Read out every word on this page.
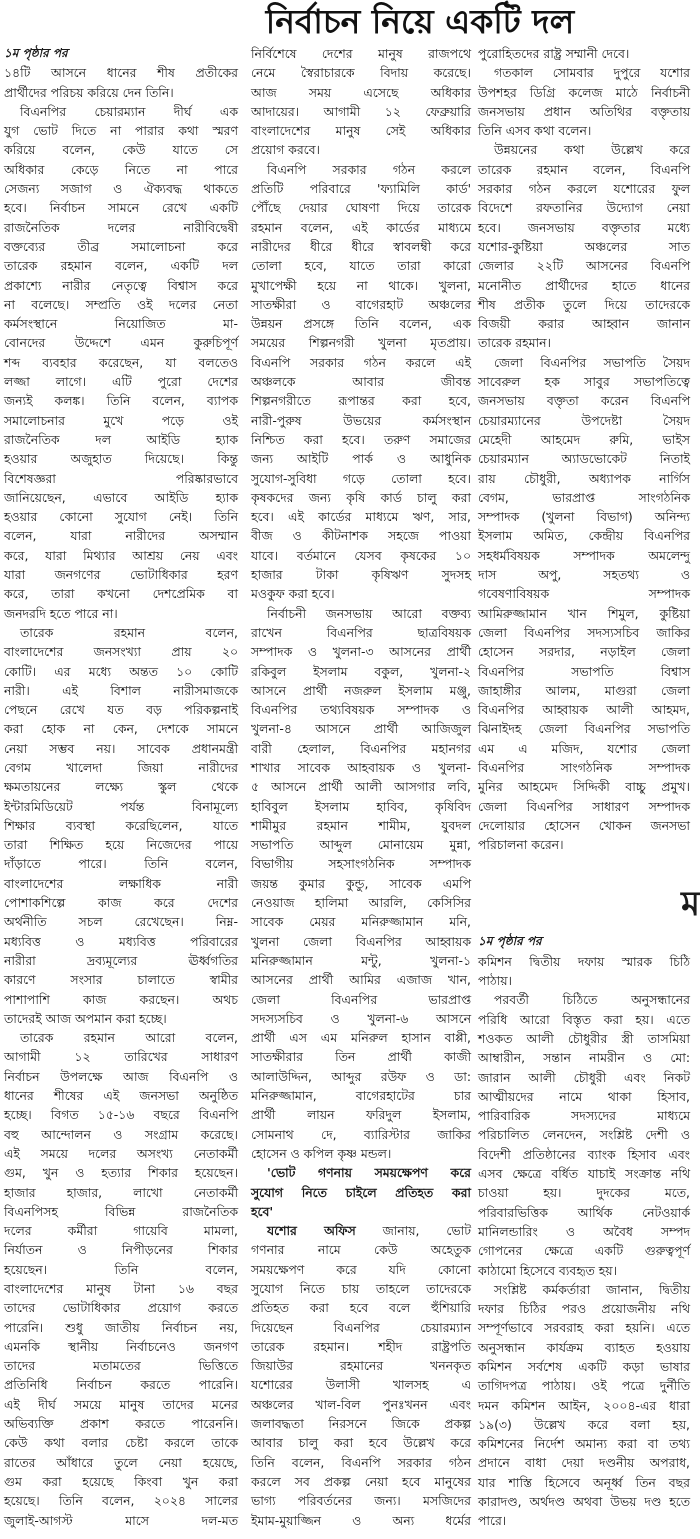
নির্বাচন নিয়ে একটি দল
১ম পৃষ্ঠার পর
১৪টি আসনে ধানের শীষ প্রতীকের
প্রার্থীদের পরিচয় করিয়ে দেন তিনি।
বিএনপির চেয়ারম্যান দীর্ঘ এক
যুগ ভোট দিতে না পারার কথা স্মরণ
করিয়ে বলেন, কেউ যাতে সে
অধিকার কেড়ে নিতে না পারে
সেজন্য সজাগ ও ঐক্যবদ্ধ থাকতে
হবে। নির্বাচন সামনে রেখে একটি
রাজনৈতিক দলের নারীবিদ্বেষী
বক্তব্যের তীব্র সমালোচনা করে
তারেক রহমান বলেন, একটি দল
প্রকাশ্যে নারীর নেতৃত্বে বিশ্বাস করে
না বলেছে। সম্প্রতি ওই দলের নেতা
কর্মসংস্থানে নিয়োজিত মা-
বোনদের উদ্দেশে এমন কুরুচিপূর্ণ
শব্দ ব্যবহার করেছেন, যা বলতেও
লজ্জা লাগে। এটি পুরো দেশের
জন্যই কলঙ্ক। তিনি বলেন, ব্যাপক
সমালোচনার মুখে পড়ে ওই
রাজনৈতিক দল আইডি হ্যাক
হওয়ার অজুহাত দিয়েছে। কিন্তু
বিশেষজ্ঞরা পরিষ্কারভাবে
জানিয়েছেন, এভাবে আইডি হ্যাক
হওয়ার কোনো সুযোগ নেই। তিনি
বলেন, যারা নারীদের অসম্মান
করে, যারা মিথ্যার আশ্রয় নেয় এবং
যারা জনগণের ভোটাধিকার হরণ
করে, তারা কখনো দেশপ্রেমিক বা
জনদরদি হতে পারে না।
তারেক রহমান বলেন,
বাংলাদেশের জনসংখ্যা প্রায় ২০
কোটি। এর মধ্যে অন্তত ১০ কোটি
নারী। এই বিশাল নারীসমাজকে
পেছনে রেখে যত বড় পরিকল্পনাই
করা হোক না কেন, দেশকে সামনে
নেয়া সম্ভব নয়। সাবেক প্রধানমন্ত্রী
বেগম খালেদা জিয়া নারীদের
ক্ষমতায়নের লক্ষ্যে স্কুল থেকে
ইন্টারমিডিয়েট পর্যন্ত বিনামূল্যে
শিক্ষার ব্যবস্থা করেছিলেন, যাতে
তারা শিক্ষিত হয়ে নিজেদের পায়ে
দাঁড়াতে পারে। তিনি বলেন,
বাংলাদেশের লক্ষাধিক নারী
পোশাকশিল্পে কাজ করে দেশের
অর্থনীতি সচল রেখেছেন। নিম্ন-
মধ্যবিত্ত ও মধ্যবিত্ত পরিবারের
নারীরা দ্রব্যমূল্যের ঊর্ধ্বগতির
কারণে সংসার চালাতে স্বামীর
পাশাপাশি কাজ করছেন। অথচ
তাদেরই আজ অপমান করা হচ্ছে।
তারেক রহমান আরো বলেন,
আগামী ১২ তারিখের সাধারণ
নির্বাচন উপলক্ষে আজ বিএনপি ও
ধানের শীষের এই জনসভা অনুষ্ঠিত
হচ্ছে। বিগত ১৫-১৬ বছরে বিএনপি
বহু আন্দোলন ও সংগ্রাম করেছে।
এই সময়ে দলের অসংখ্য নেতাকর্মী
গুম, খুন ও হত্যার শিকার হয়েছেন।
হাজার হাজার, লাখো নেতাকর্মী
বিএনপিসহ বিভিন্ন রাজনৈতিক
দলের কর্মীরা গায়েবি মামলা,
নির্যাতন ও নিপীড়নের শিকার
হয়েছেন। তিনি বলেন,
বাংলাদেশের মানুষ টানা ১৬ বছর
তাদের ভোটাধিকার প্রয়োগ করতে
পারেনি। শুধু জাতীয় নির্বাচন নয়,
এমনকি স্থানীয় নির্বাচনেও জনগণ
তাদের মতামতের ভিত্তিতে
প্রতিনিধি নির্বাচন করতে পারেনি।
এই দীর্ঘ সময়ে মানুষ তাদের মনের
অভিব্যক্তি প্রকাশ করতে পারেননি।
কেউ কথা বলার চেষ্টা করলে তাকে
রাতের আঁধারে তুলে নেয়া হয়েছে,
গুম করা হয়েছে কিংবা খুন করা
হয়েছে। তিনি বলেন, ২০২৪ সালের
জুলাই-আগস্ট মাসে দল-মত
নির্বিশেষে দেশের মানুষ রাজপথে
নেমে স্বৈরাচারকে বিদায় করেছে।
আজ সময় এসেছে অধিকার
আদায়ের। আগামী ১২ ফেব্রুয়ারি
বাংলাদেশের মানুষ সেই অধিকার
প্রয়োগ করবে।
বিএনপি সরকার গঠন করলে
প্রতিটি পরিবারে 'ফ্যামিলি কার্ড'
পৌঁছে দেয়ার ঘোষণা দিয়ে তারেক
রহমান বলেন, এই কার্ডের মাধ্যমে
নারীদের ধীরে ধীরে স্বাবলম্বী করে
তোলা হবে, যাতে তারা কারো
মুখাপেক্ষী হয়ে না থাকে। খুলনা,
সাতক্ষীরা ও বাগেরহাট অঞ্চলের
উন্নয়ন প্রসঙ্গে তিনি বলেন, এক
সময়ের শিল্পনগরী খুলনা মৃতপ্রায়।
বিএনপি সরকার গঠন করলে এই
অঞ্চলকে আবার জীবন্ত
শিল্পনগরীতে রূপান্তর করা হবে,
নারী-পুরুষ উভয়ের কর্মসংস্থান
নিশ্চিত করা হবে। তরুণ সমাজের
জন্য আইটি পার্ক ও আধুনিক
সুযোগ-সুবিধা গড়ে তোলা হবে।
কৃষকদের জন্য কৃষি কার্ড চালু করা
হবে। এই কার্ডের মাধ্যমে ঋণ, সার,
বীজ ও কীটনাশক সহজে পাওয়া
যাবে। বর্তমানে যেসব কৃষকের ১০
হাজার টাকা কৃষিঋণ সুদসহ
মওকুফ করা হবে।
নির্বাচনী জনসভায় আরো বক্তব্য
রাখেন বিএনপির ছাত্রবিষয়ক
সম্পাদক ও খুলনা-৩ আসনের প্রার্থী
রকিবুল ইসলাম বকুল, খুলনা-২
আসনে প্রার্থী নজরুল ইসলাম মঞ্জু,
বিএনপির তথ্যবিষয়ক সম্পাদক ও
খুলনা-৪ আসনে প্রার্থী আজিজুল
বারী হেলাল, বিএনপির মহানগর
শাখার সাবেক আহবায়ক ও খুলনা-
৫ আসনে প্রার্থী আলী আসগার লবি,
হাবিবুল ইসলাম হাবিব, কৃষিবিদ
শামীমুর রহমান শামীম, যুবদল
সভাপতি আব্দুল মোনায়েম মুন্না,
বিভাগীয় সহসাংগঠনিক সম্পাদক
জয়ন্ত কুমার কুন্ডু, সাবেক এমপি
নেওয়াজ হালিমা আরলি, কেসিসির
সাবেক মেয়র মনিরুজ্জামান মনি,
খুলনা জেলা বিএনপির আহ্বায়ক
মনিরুজ্জামান মন্টু, খুলনা-১
আসনের প্রার্থী আমির এজাজ খান,
জেলা বিএনপির ভারপ্রাপ্ত
সদস্যসচিব ও খুলনা-৬ আসনে
প্রার্থী এস এম মনিরুল হাসান বাপ্পী,
সাতক্ষীরার তিন প্রার্থী কাজী
আলাউদ্দিন, আব্দুর রউফ ও ডা:
মনিরুজ্জামান, বাগেরহাটের চার
প্রার্থী লায়ন ফরিদুল ইসলাম,
সোমনাথ দে, ব্যারিস্টার জাকির
হোসেন ও কপিল কৃষ্ণ মন্ডল।
'ভোট গণনায় সময়ক্ষেপণ করে
সুযোগ নিতে চাইলে প্রতিহত করা
হবে'
যশোর অফিস জানায়, ভোট
গণনার নামে কেউ অহেতুক
সময়ক্ষেপণ করে যদি কোনো
সুযোগ নিতে চায় তাহলে তাদেরকে
প্রতিহত করা হবে বলে হুঁশিয়ারি
দিয়েছেন বিএনপির চেয়ারম্যান
তারেক রহমান। শহীদ রাষ্ট্রপতি
জিয়াউর রহমানের খননকৃত
যশোরের উলাসী খালসহ এ
অঞ্চলের খাল-বিল পুনঃখনন এবং
জলাবদ্ধতা নিরসনে জিকে প্রকল্প
আবার চালু করা হবে উল্লেখ করে
তিনি বলেন, বিএনপি সরকার গঠন
করলে সব প্রকল্প নেয়া হবে মানুষের
ভাগ্য পরিবর্তনের জন্য। মসজিদের
ইমাম-মুয়াজ্জিন ও অন্য ধর্মের
পুরোহিতদের রাষ্ট্র সম্মানী দেবে।
গতকাল সোমবার দুপুরে যশোর
উপশহর ডিগ্রি কলেজ মাঠে নির্বাচনী
জনসভায় প্রধান অতিথির বক্তৃতায়
তিনি এসব কথা বলেন।
উন্নয়নের কথা উল্লেখ করে
তারেক রহমান বলেন, বিএনপি
সরকার গঠন করলে যশোরের ফুল
বিদেশে রফতানির উদ্যোগ নেয়া
হবে। জনসভায় বক্তৃতার মধ্যে
যশোর-কুষ্টিয়া অঞ্চলের সাত
জেলার ২২টি আসনের বিএনপি
মনোনীত প্রার্থীদের হাতে ধানের
শীষ প্রতীক তুলে দিয়ে তাদেরকে
বিজয়ী করার আহ্বান জানান
তারেক রহমান।
জেলা বিএনপির সভাপতি সৈয়দ
সাবেরুল হক সাবুর সভাপতিত্বে
জনসভায় বক্তৃতা করেন বিএনপি
চেয়ারম্যানের উপদেষ্টা সৈয়দ
মেহেদী আহমেদ রুমি, ভাইস
চেয়ারম্যান অ্যাডভোকেট নিতাই
রায় চৌধুরী, অধ্যাপক নার্গিস
বেগম, ভারপ্রাপ্ত সাংগঠনিক
সম্পাদক (খুলনা বিভাগ) অনিন্দ্য
ইসলাম অমিত, কেন্দ্রীয় বিএনপির
সহধর্মবিষয়ক সম্পাদক অমলেন্দু
দাস অপু, সহতথ্য ও
গবেষণাবিষয়ক সম্পাদক
আমিরুজ্জামান খান শিমুল, কুষ্টিয়া
জেলা বিএনপির সদস্যসচিব জাকির
হোসেন সরদার, নড়াইল জেলা
বিএনপির সভাপতি বিশ্বাস
জাহাঙ্গীর আলম, মাগুরা জেলা
বিএনপির আহ্বায়ক আলী আহমদ,
ঝিনাইদহ জেলা বিএনপির সভাপতি
এম এ মজিদ, যশোর জেলা
বিএনপির সাংগঠনিক সম্পাদক
মুনির আহমেদ সিদ্দিকী বাচ্চু প্রমুখ।
জেলা বিএনপির সাধারণ সম্পাদক
দেলোয়ার হোসেন খোকন জনসভা
পরিচালনা করেন।
ম
১ম পৃষ্ঠার পর
কমিশন দ্বিতীয় দফায় স্মারক চিঠি
পাঠায়।
পরবর্তী চিঠিতে অনুসন্ধানের
পরিধি আরো বিস্তৃত করা হয়। এতে
শওকত আলী চৌধুরীর স্ত্রী তাসমিয়া
আম্বারীন, সন্তান নামরীন ও মো:
জারান আলী চৌধুরী এবং নিকট
আত্মীয়দের নামে থাকা হিসাব,
পারিবারিক সদস্যদের মাধ্যমে
পরিচালিত লেনদেন, সংশ্লিষ্ট দেশী ও
বিদেশী প্রতিষ্ঠানের ব্যাংক হিসাব এবং
এসব ক্ষেত্রে বর্ধিত যাচাই সংক্রান্ত নথি
চাওয়া হয়। দুদকের মতে,
পরিবারভিত্তিক আর্থিক নেটওয়ার্ক
মানিলন্ডারিং ও অবৈধ সম্পদ
গোপনের ক্ষেত্রে একটি গুরুত্বপূর্ণ
কাঠামো হিসেবে ব্যবহৃত হয়।
সংশ্লিষ্ট কর্মকর্তারা জানান, দ্বিতীয়
দফার চিঠির পরও প্রয়োজনীয় নথি
সম্পূর্ণভাবে সরবরাহ করা হয়নি। এতে
অনুসন্ধান কার্যক্রম ব্যাহত হওয়ায়
কমিশন সর্বশেষ একটি কড়া ভাষার
তাগিদপত্র পাঠায়। ওই পত্রে দুর্নীতি
দমন কমিশন আইন, ২০০৪-এর ধারা
১৯(৩) উল্লেখ করে বলা হয়,
কমিশনের নির্দেশ অমান্য করা বা তথ্য
প্রদানে বাধা দেয়া দণ্ডনীয় অপরাধ,
যার শাস্তি হিসেবে অনূর্ধ্ব তিন বছর
কারাদণ্ড, অর্থদণ্ড অথবা উভয় দণ্ড হতে
পারে।
